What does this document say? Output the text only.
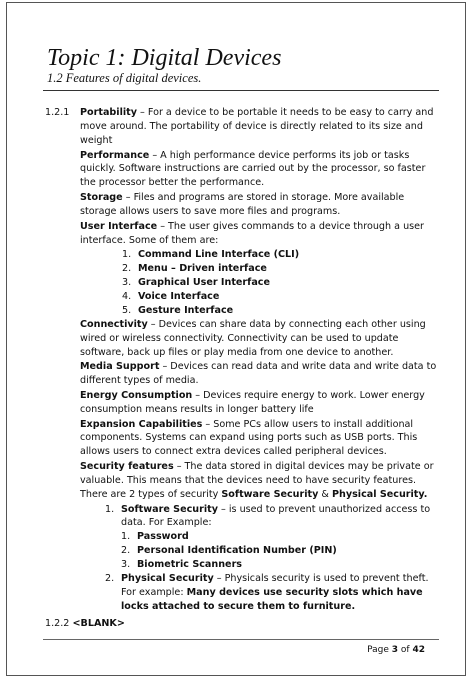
Topic 1: Digital Devices
1.2 Features of digital devices.
1.2.1	Portability – For a device to be portable it needs to be easy to carry and move around. The portability of device is directly related to its size and weight

Performance – A high performance device performs its job or tasks quickly. Software instructions are carried out by the processor, so faster the processor better the performance.

Storage – Files and programs are stored in storage. More available storage allows users to save more files and programs.

User Interface – The user gives commands to a device through a user interface. Some of them are:

1. Command Line Interface (CLI)
2. Menu – Driven interface
3. Graphical User Interface
4. Voice Interface
5. Gesture Interface

Connectivity – Devices can share data by connecting each other using wired or wireless connectivity. Connectivity can be used to update software, back up files or play media from one device to another.

Media Support – Devices can read data and write data and write data to different types of media.

Energy Consumption – Devices require energy to work. Lower energy consumption means results in longer battery life

Expansion Capabilities – Some PCs allow users to install additional components. Systems can expand using ports such as USB ports. This allows users to connect extra devices called peripheral devices.

Security features – The data stored in digital devices may be private or valuable. This means that the devices need to have security features. There are 2 types of security Software Security & Physical Security.

1. Software Security – is used to prevent unauthorized access to data. For Example:
1. Password
2. Personal Identification Number (PIN)
3. Biometric Scanners
2. Physical Security – Physicals security is used to prevent theft. For example: Many devices use security slots which have locks attached to secure them to furniture.
1.2.2
<BLANK>
Page 3 of 42
